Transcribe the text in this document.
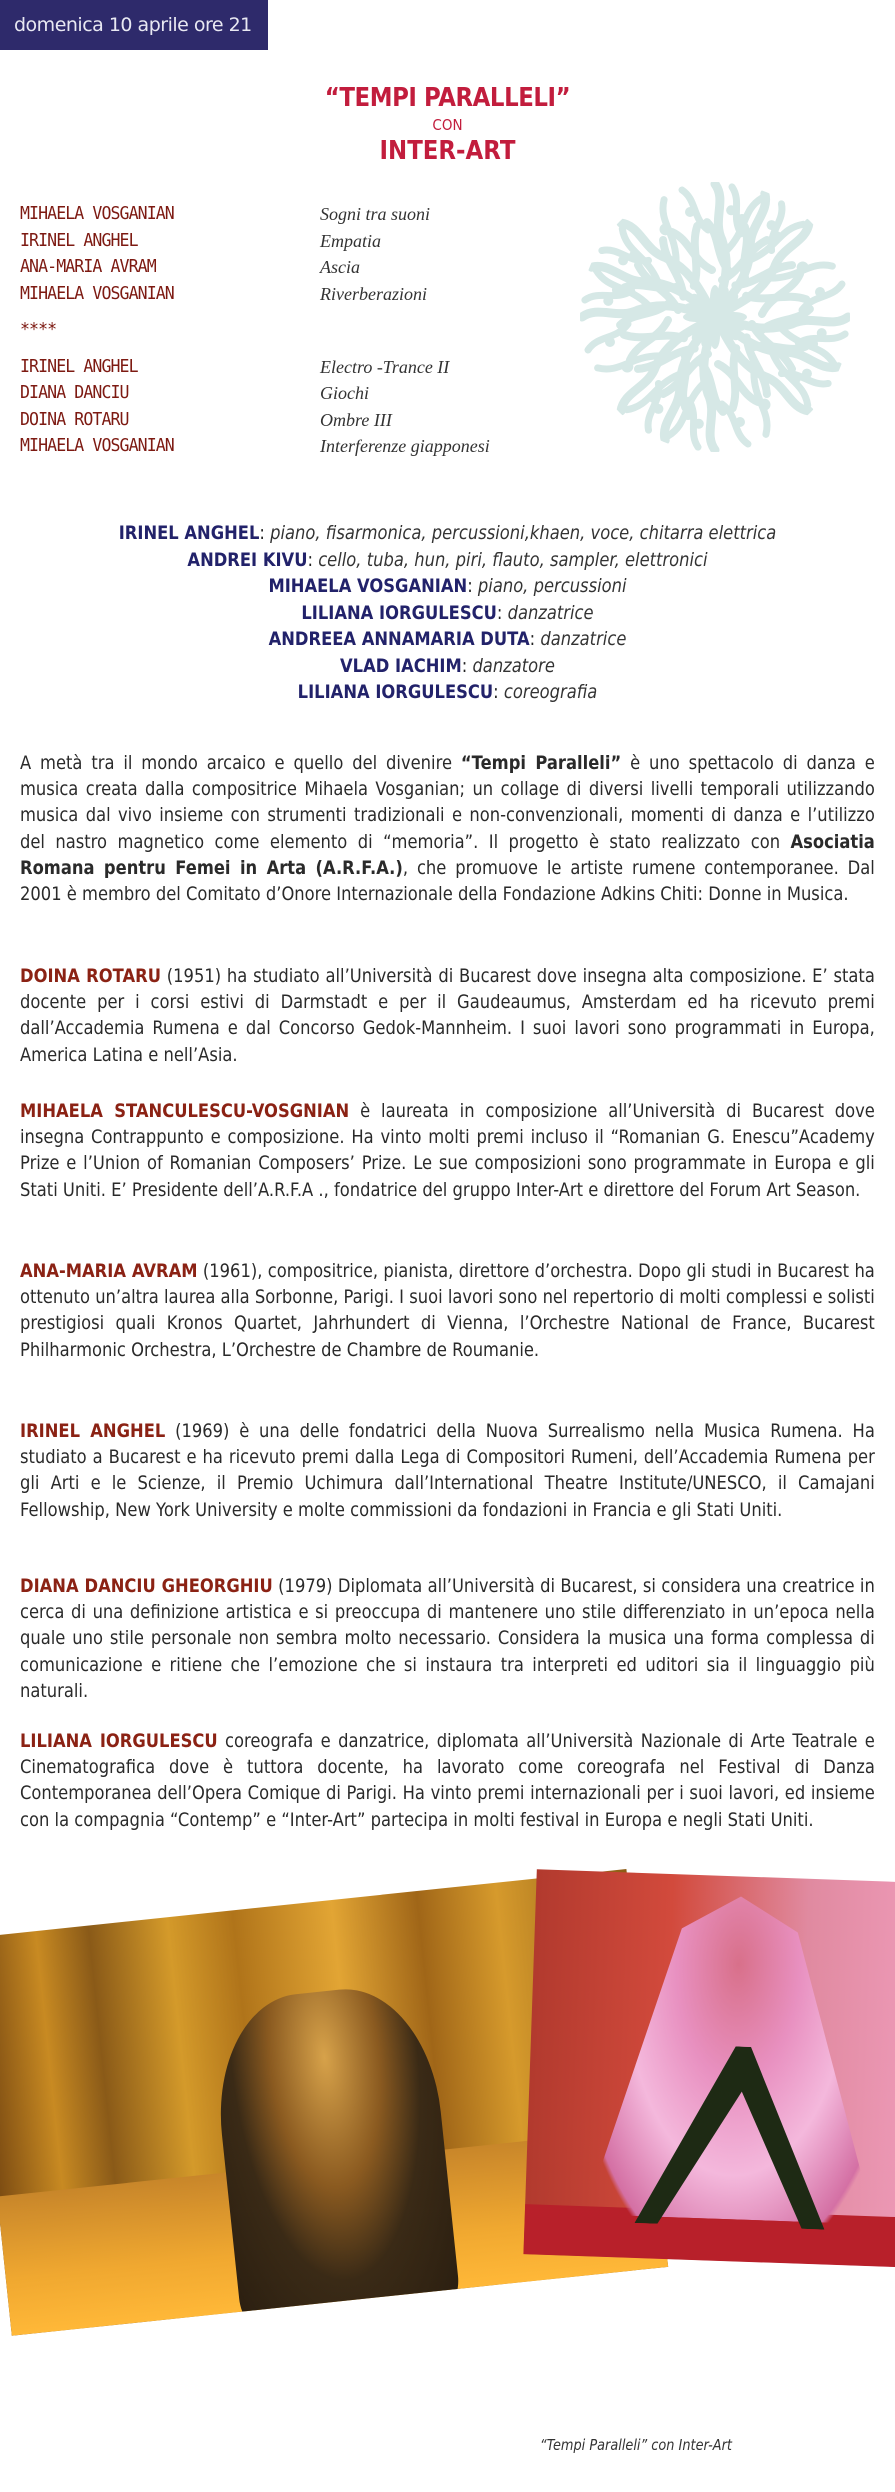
domenica 10 aprile ore 21
“TEMPI PARALLELI”
CON
INTER-ART
MIHAELA VOSGANIAN	Sogni tra suoni
IRINEL ANGHEL	Empatia
ANA-MARIA AVRAM	Ascia
MIHAELA VOSGANIAN	Riverberazioni
****
IRINEL ANGHEL	Electro -Trance II
DIANA DANCIU	Giochi
DOINA ROTARU	Ombre III
MIHAELA VOSGANIAN	Interferenze giapponesi
IRINEL ANGHEL: piano, fisarmonica, percussioni,khaen, voce, chitarra elettrica
ANDREI KIVU: cello, tuba, hun, piri, flauto, sampler, elettronici
MIHAELA VOSGANIAN: piano, percussioni
LILIANA IORGULESCU: danzatrice
ANDREEA ANNAMARIA DUTA: danzatrice
VLAD IACHIM: danzatore
LILIANA IORGULESCU: coreografia
A metà tra il mondo arcaico e quello del divenire “Tempi Paralleli” è uno spettacolo di danza e musica creata dalla compositrice Mihaela Vosganian; un collage di diversi livelli temporali utilizzando musica dal vivo insieme con strumenti tradizionali e non-convenzionali, momenti di danza e l’utilizzo del nastro magnetico come elemento di “memoria”. Il progetto è stato realizzato con Asociatia Romana pentru Femei in Arta (A.R.F.A.), che promuove le artiste rumene contemporanee. Dal 2001 è membro del Comitato d’Onore Internazionale della Fondazione Adkins Chiti: Donne in Musica.
DOINA ROTARU (1951) ha studiato all’Università di Bucarest dove insegna alta composizione. E’ stata docente per i corsi estivi di Darmstadt e per il Gaudeaumus, Amsterdam ed ha ricevuto premi dall’Accademia Rumena e dal Concorso Gedok-Mannheim. I suoi lavori sono programmati in Europa, America Latina e nell’Asia.
MIHAELA STANCULESCU-VOSGNIAN è laureata in composizione all’Università di Bucarest dove insegna Contrappunto e composizione. Ha vinto molti premi incluso il “Romanian G. Enescu”Academy Prize e l’Union of Romanian Composers’ Prize. Le sue composizioni sono programmate in Europa e gli Stati Uniti. E’ Presidente dell’A.R.F.A ., fondatrice del gruppo Inter-Art e direttore del Forum Art Season.
ANA-MARIA AVRAM (1961), compositrice, pianista, direttore d’orchestra. Dopo gli studi in Bucarest ha ottenuto un’altra laurea alla Sorbonne, Parigi. I suoi lavori sono nel repertorio di molti complessi e solisti prestigiosi quali Kronos Quartet, Jahrhundert di Vienna, l’Orchestre National de France, Bucarest Philharmonic Orchestra, L’Orchestre de Chambre de Roumanie.
IRINEL ANGHEL (1969) è una delle fondatrici della Nuova Surrealismo nella Musica Rumena. Ha studiato a Bucarest e ha ricevuto premi dalla Lega di Compositori Rumeni, dell’Accademia Rumena per gli Arti e le Scienze, il Premio Uchimura dall’International Theatre Institute/UNESCO, il Camajani Fellowship, New York University e molte commissioni da fondazioni in Francia e gli Stati Uniti.
DIANA DANCIU GHEORGHIU (1979) Diplomata all’Università di Bucarest, si considera una creatrice in cerca di una definizione artistica e si preoccupa di mantenere uno stile differenziato in un’epoca nella quale uno stile personale non sembra molto necessario. Considera la musica una forma complessa di comunicazione e ritiene che l’emozione che si instaura tra interpreti ed uditori sia il linguaggio più naturali.
LILIANA IORGULESCU coreografa e danzatrice, diplomata all’Università Nazionale di Arte Teatrale e Cinematografica dove è tuttora docente, ha lavorato come coreografa nel Festival di Danza Contemporanea dell’Opera Comique di Parigi. Ha vinto premi internazionali per i suoi lavori, ed insieme con la compagnia “Contemp” e “Inter-Art” partecipa in molti festival in Europa e negli Stati Uniti.
“Tempi Paralleli” con Inter-Art
